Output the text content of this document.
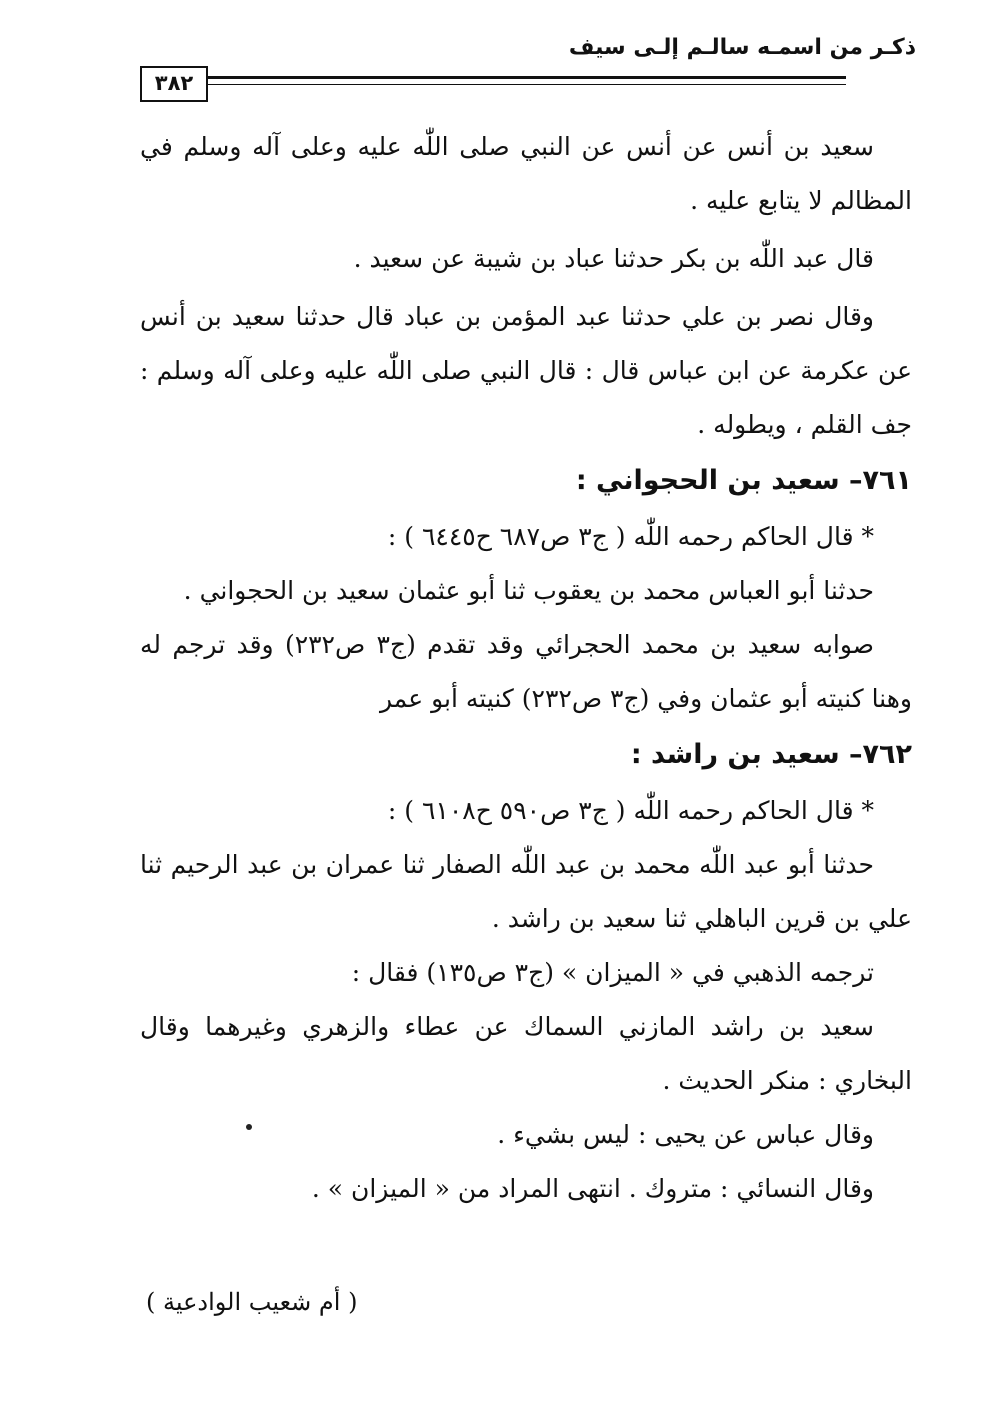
ذكـر من اسمـه سالـم إلـى سيف
٣٨٢

سعيد بن أنس عن أنس عن النبي صلى اللّٰه عليه وعلى آله وسلم في المظالم لا يتابع عليه .

قال عبد اللّٰه بن بكر حدثنا عباد بن شيبة عن سعيد .

وقال نصر بن علي حدثنا عبد المؤمن بن عباد قال حدثنا سعيد بن أنس عن عكرمة عن ابن عباس قال : قال النبي صلى اللّٰه عليه وعلى آله وسلم : جف القلم ، ويطوله .

٧٦١– سعيد بن الحجواني :

* قال الحاكم رحمه اللّٰه ( ج٣ ص٦٨٧ ح٦٤٤٥ ) :

حدثنا أبو العباس محمد بن يعقوب ثنا أبو عثمان سعيد بن الحجواني .

صوابه سعيد بن محمد الحجرائي وقد تقدم (ج٣ ص٢٣٢) وقد ترجم له وهنا كنيته أبو عثمان وفي (ج٣ ص٢٣٢) كنيته أبو عمر

٧٦٢– سعيد بن راشد :

* قال الحاكم رحمه اللّٰه ( ج٣ ص٥٩٠ ح٦١٠٨ ) :

حدثنا أبو عبد اللّٰه محمد بن عبد اللّٰه الصفار ثنا عمران بن عبد الرحيم ثنا علي بن قرين الباهلي ثنا سعيد بن راشد .

ترجمه الذهبي في « الميزان » (ج٣ ص١٣٥) فقال :

سعيد بن راشد المازني السماك عن عطاء والزهري وغيرهما وقال البخاري : منكر الحديث .

وقال عباس عن يحيى : ليس بشيء .

وقال النسائي : متروك . انتهى المراد من « الميزان » .

( أم شعيب الوادعية )
